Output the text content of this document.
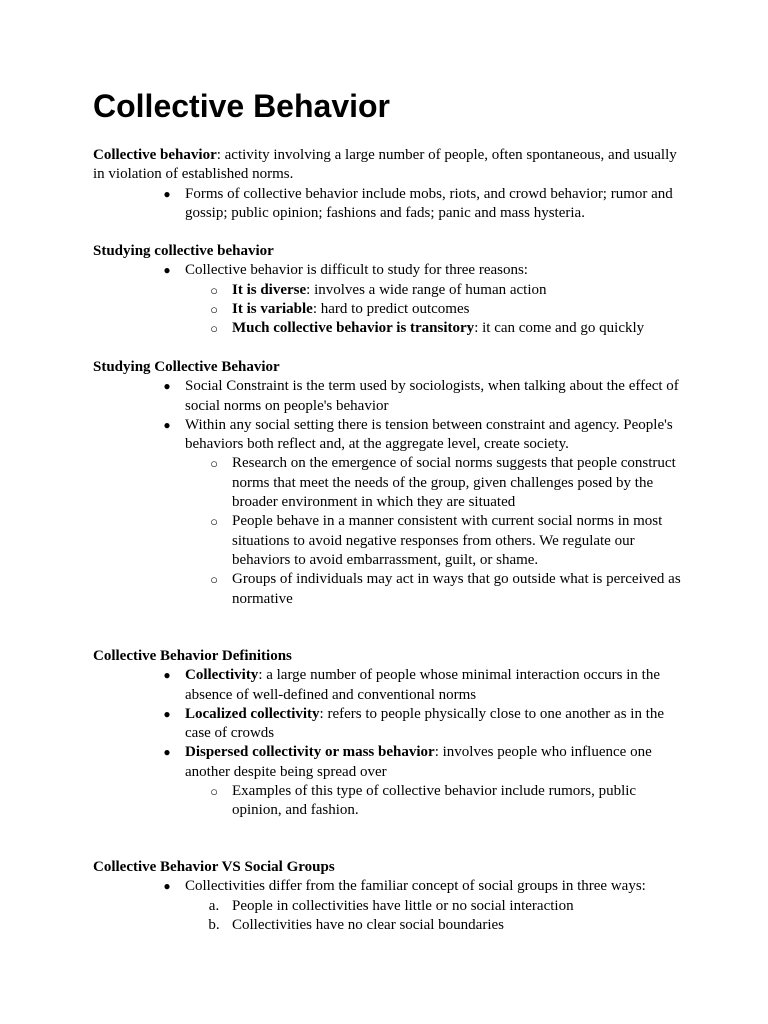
Collective Behavior

Collective behavior: activity involving a large number of people, often spontaneous, and usually in violation of established norms.

● Forms of collective behavior include mobs, riots, and crowd behavior; rumor and gossip; public opinion; fashions and fads; panic and mass hysteria.

Studying collective behavior

● Collective behavior is difficult to study for three reasons:
○ It is diverse: involves a wide range of human action
○ It is variable: hard to predict outcomes
○ Much collective behavior is transitory: it can come and go quickly

Studying Collective Behavior

● Social Constraint is the term used by sociologists, when talking about the effect of social norms on people's behavior
● Within any social setting there is tension between constraint and agency. People's behaviors both reflect and, at the aggregate level, create society.
○ Research on the emergence of social norms suggests that people construct norms that meet the needs of the group, given challenges posed by the broader environment in which they are situated
○ People behave in a manner consistent with current social norms in most situations to avoid negative responses from others. We regulate our behaviors to avoid embarrassment, guilt, or shame.
○ Groups of individuals may act in ways that go outside what is perceived as normative

Collective Behavior Definitions

● Collectivity: a large number of people whose minimal interaction occurs in the absence of well-defined and conventional norms
● Localized collectivity: refers to people physically close to one another as in the case of crowds
● Dispersed collectivity or mass behavior: involves people who influence one another despite being spread over
○ Examples of this type of collective behavior include rumors, public opinion, and fashion.

Collective Behavior VS Social Groups

● Collectivities differ from the familiar concept of social groups in three ways:
a. People in collectivities have little or no social interaction
b. Collectivities have no clear social boundaries
